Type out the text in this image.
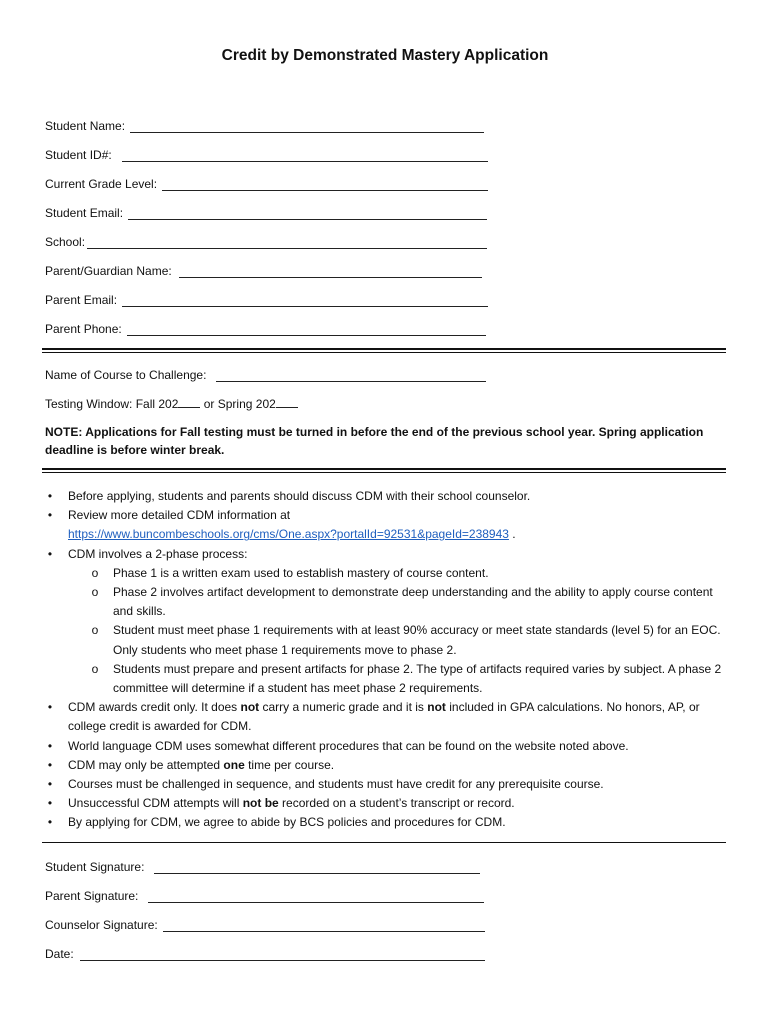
Credit by Demonstrated Mastery Application
Student Name:
Student ID#:
Current Grade Level:
Student Email:
School:
Parent/Guardian Name:
Parent Email:
Parent Phone:
Name of Course to Challenge:
Testing Window: Fall 202 or Spring 202
NOTE: Applications for Fall testing must be turned in before the end of the previous school year. Spring application deadline is before winter break.
• Before applying, students and parents should discuss CDM with their school counselor.
• Review more detailed CDM information at
https://www.buncombeschools.org/cms/One.aspx?portalId=92531&pageId=238943 .
• CDM involves a 2-phase process:
o Phase 1 is a written exam used to establish mastery of course content.
o Phase 2 involves artifact development to demonstrate deep understanding and the ability to apply course content and skills.
o Student must meet phase 1 requirements with at least 90% accuracy or meet state standards (level 5) for an EOC. Only students who meet phase 1 requirements move to phase 2.
o Students must prepare and present artifacts for phase 2. The type of artifacts required varies by subject. A phase 2 committee will determine if a student has meet phase 2 requirements.
• CDM awards credit only. It does not carry a numeric grade and it is not included in GPA calculations. No honors, AP, or college credit is awarded for CDM.
• World language CDM uses somewhat different procedures that can be found on the website noted above.
• CDM may only be attempted one time per course.
• Courses must be challenged in sequence, and students must have credit for any prerequisite course.
• Unsuccessful CDM attempts will not be recorded on a student’s transcript or record.
• By applying for CDM, we agree to abide by BCS policies and procedures for CDM.
Student Signature:
Parent Signature:
Counselor Signature:
Date:
